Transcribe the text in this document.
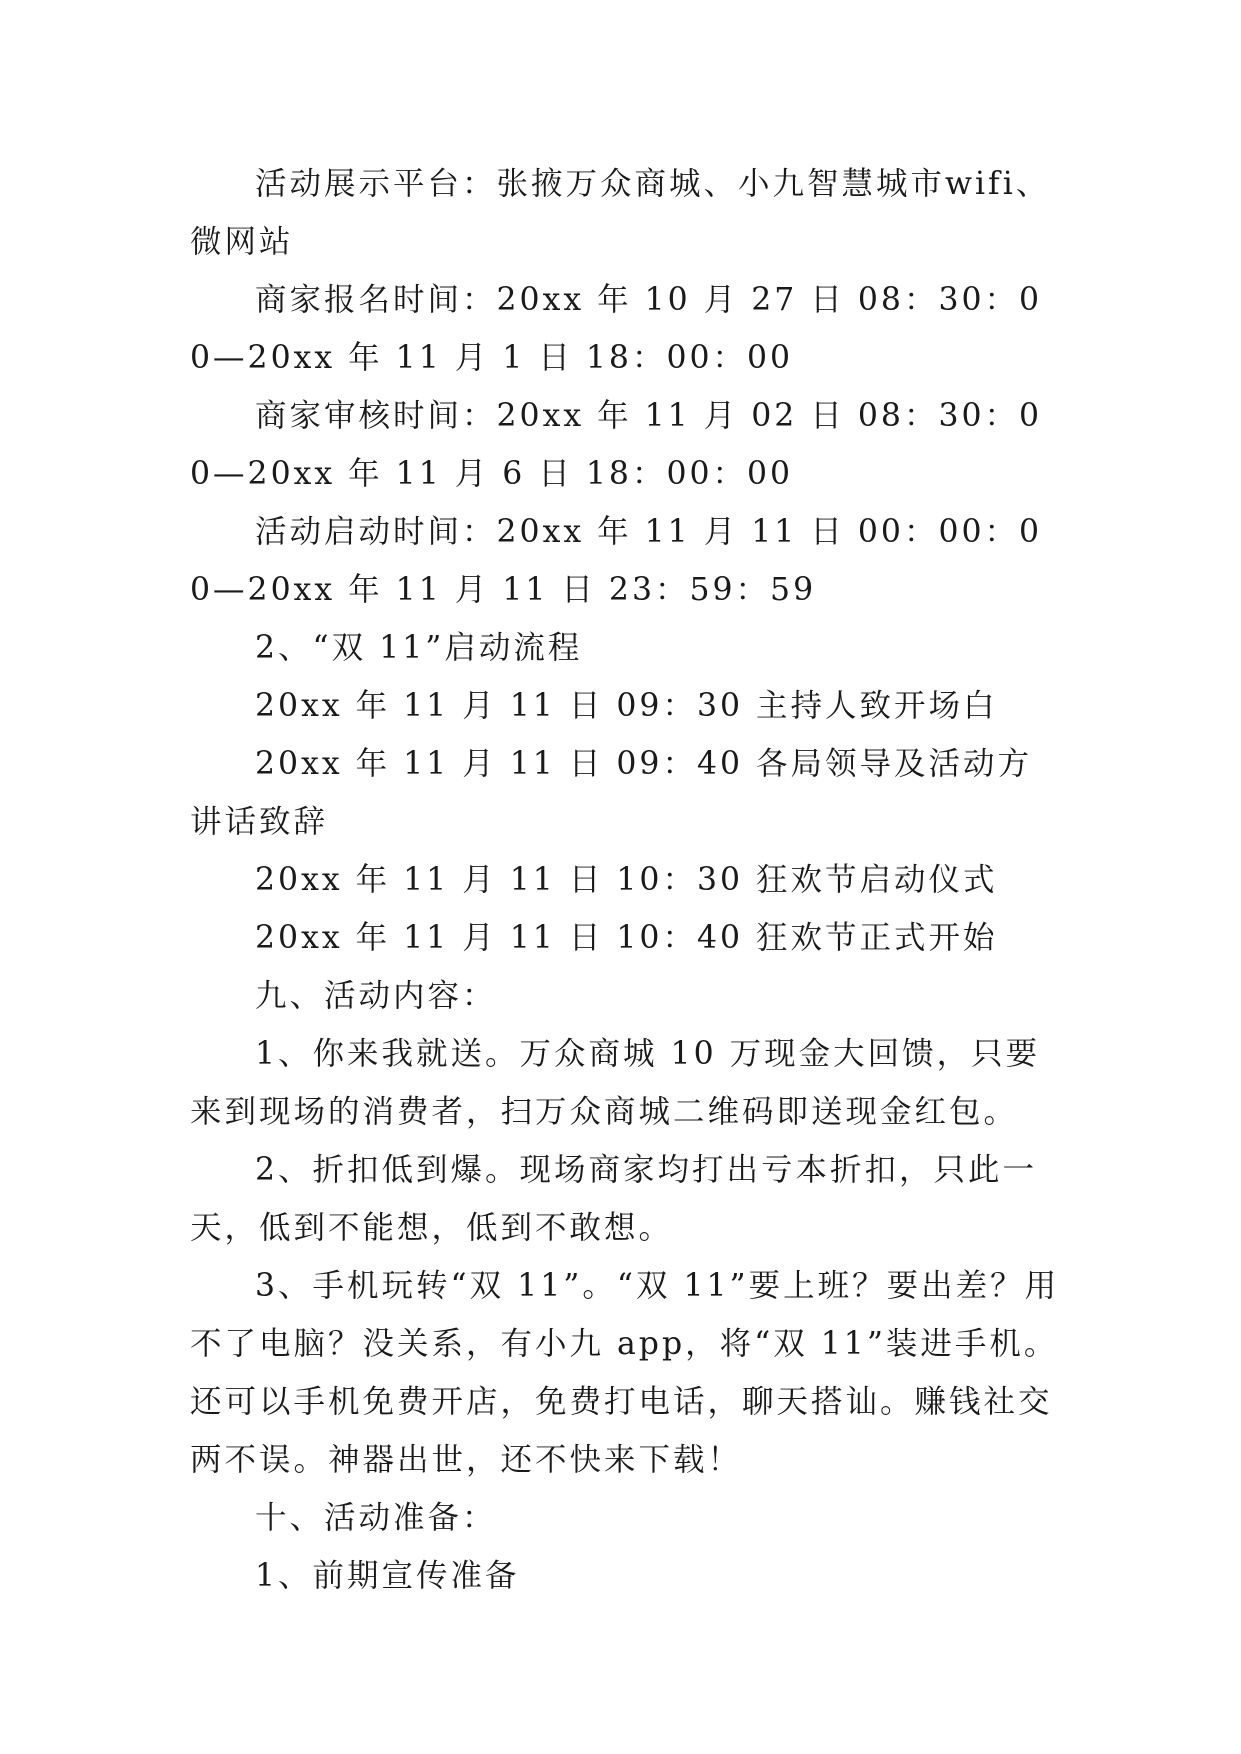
活动展示平台：张掖万众商城、小九智慧城市wifi、微网站

商家报名时间：20xx 年 10 月 27 日 08：30：00—20xx 年 11 月 1 日 18：00：00

商家审核时间：20xx 年 11 月 02 日 08：30：00—20xx 年 11 月 6 日 18：00：00

活动启动时间：20xx 年 11 月 11 日 00：00：00—20xx 年 11 月 11 日 23：59：59

2、“双 11”启动流程

20xx 年 11 月 11 日 09：30 主持人致开场白

20xx 年 11 月 11 日 09：40 各局领导及活动方讲话致辞

20xx 年 11 月 11 日 10：30 狂欢节启动仪式

20xx 年 11 月 11 日 10：40 狂欢节正式开始

九、活动内容：

1、你来我就送。万众商城 10 万现金大回馈，只要来到现场的消费者，扫万众商城二维码即送现金红包。

2、折扣低到爆。现场商家均打出亏本折扣，只此一天，低到不能想，低到不敢想。

3、手机玩转“双 11”。“双 11”要上班？要出差？用不了电脑？没关系，有小九 app，将“双 11”装进手机。还可以手机免费开店，免费打电话，聊天搭讪。赚钱社交两不误。神器出世，还不快来下载！

十、活动准备：

1、前期宣传准备
